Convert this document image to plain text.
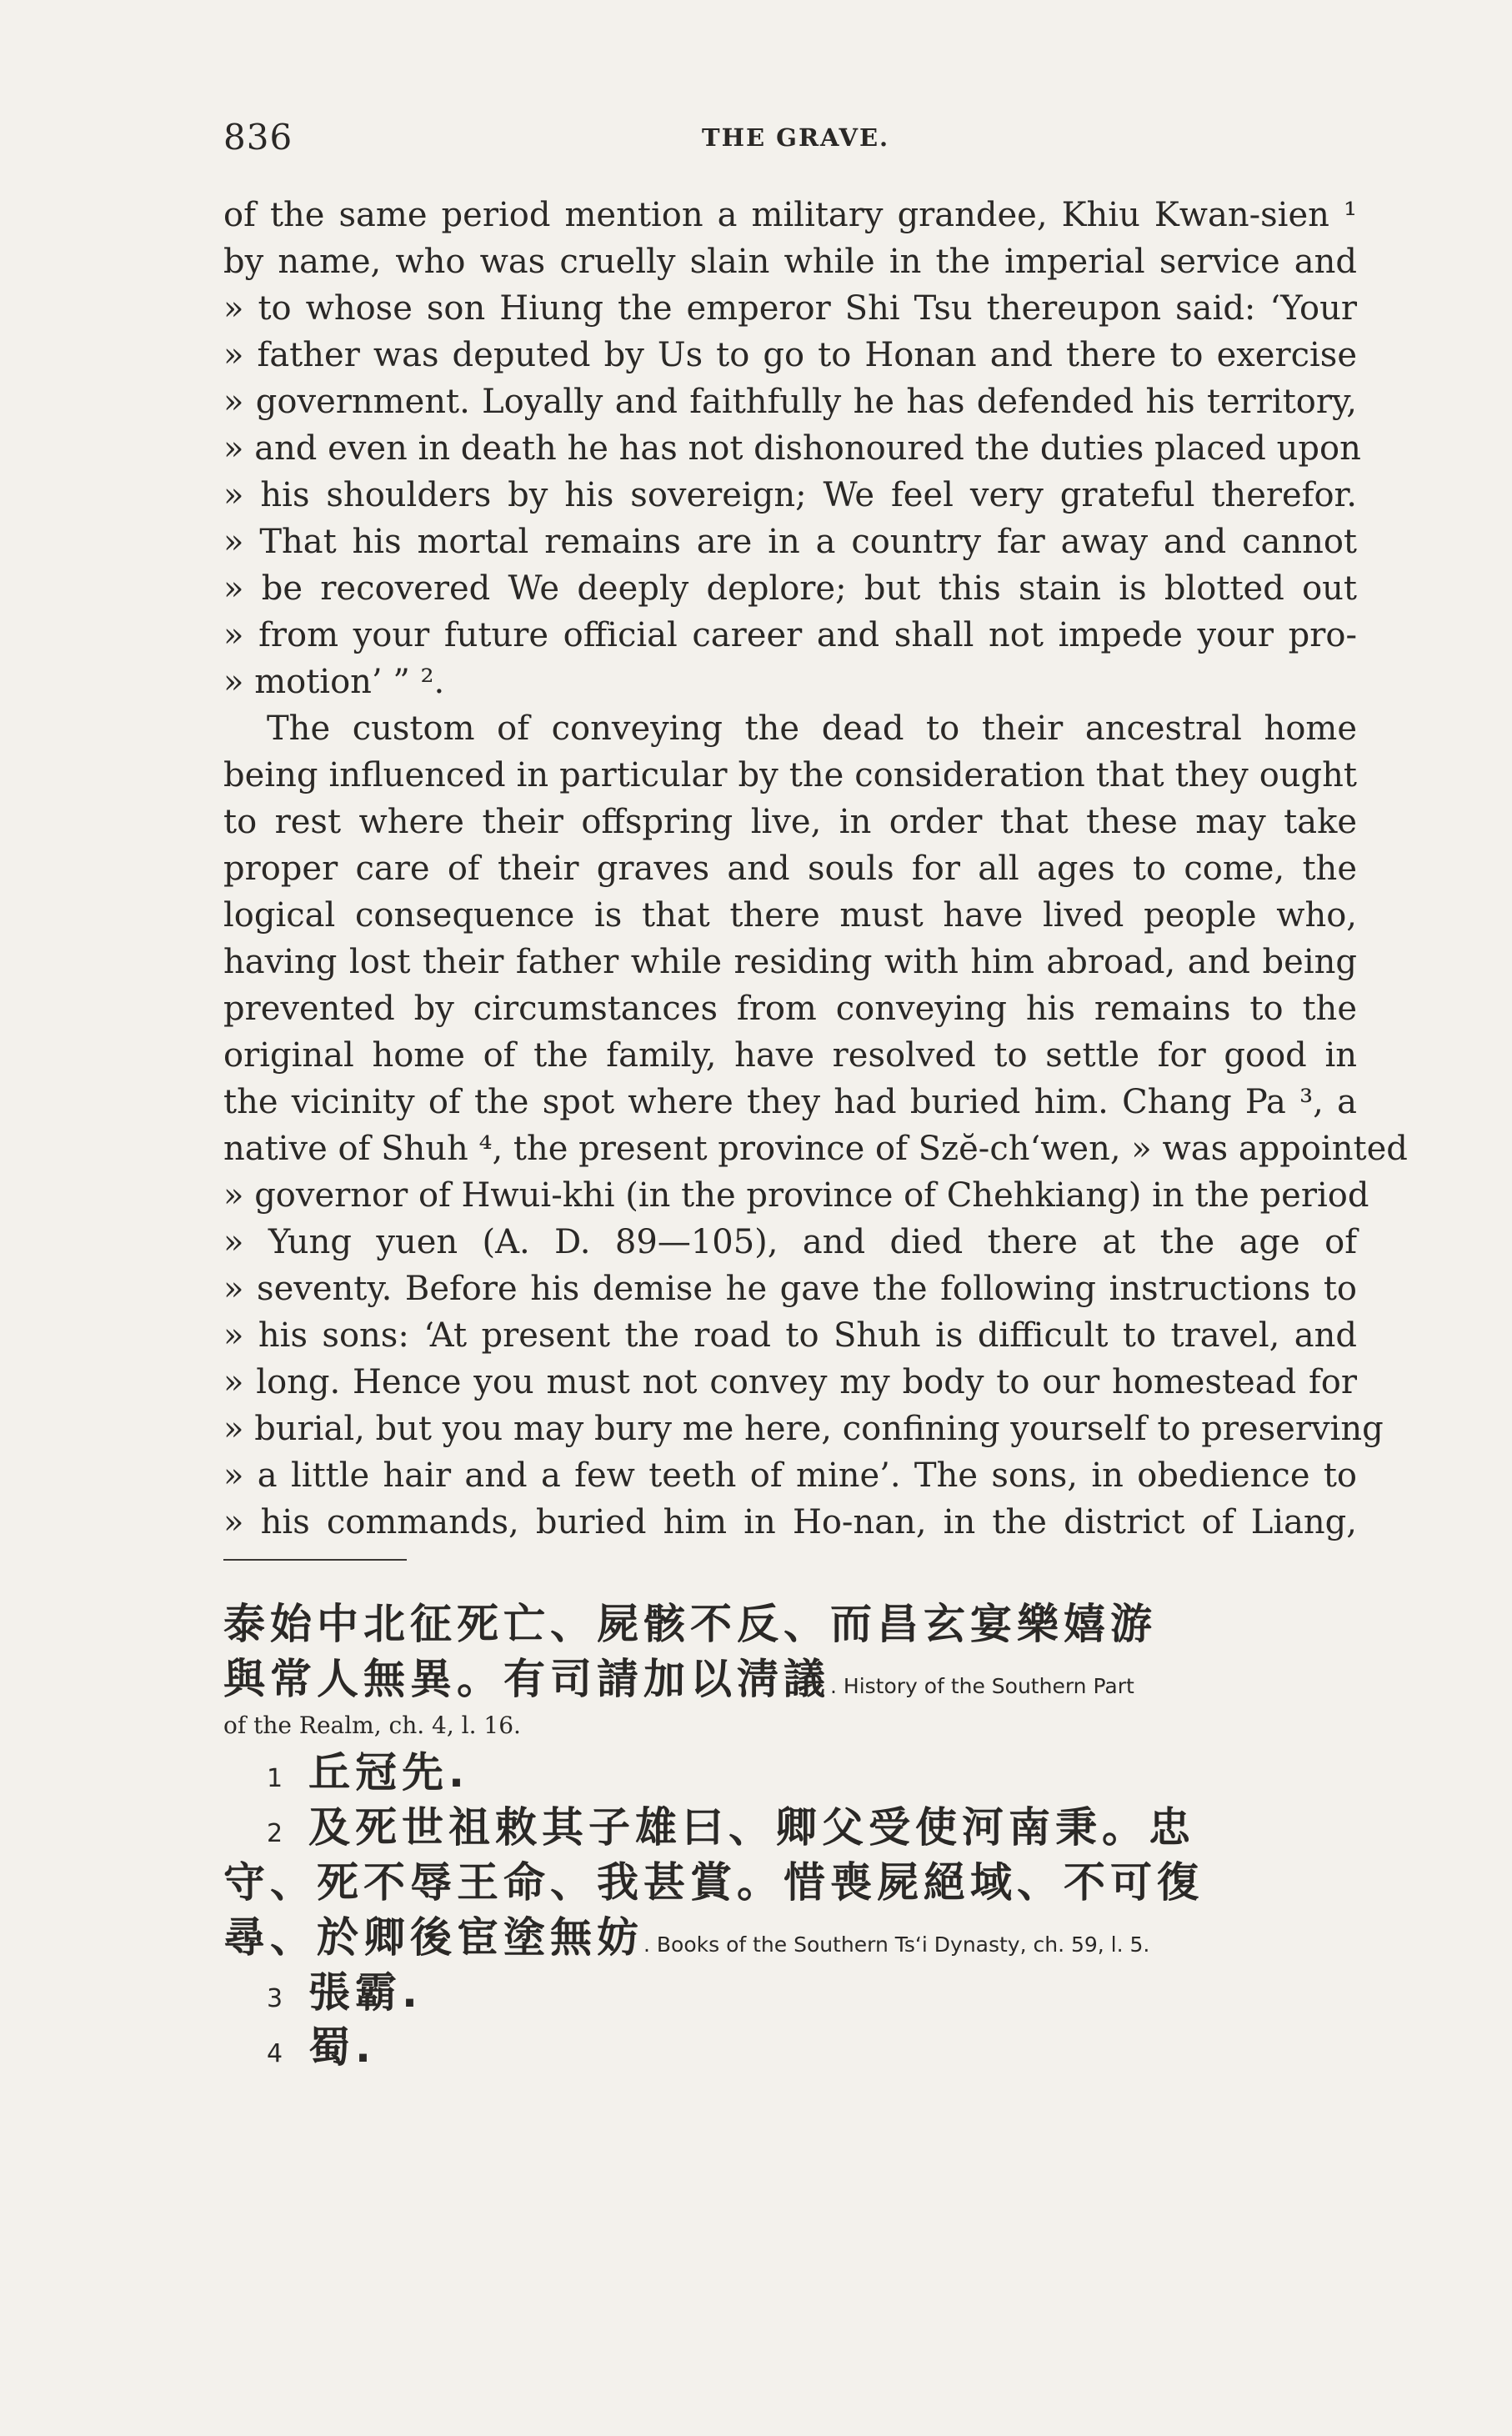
836	THE GRAVE.
of the same period mention a military grandee, Khiu Kwan-sien ¹
by name, who was cruelly slain while in the imperial service and
» to whose son Hiung the emperor Shi Tsu thereupon said: ‘Your
» father was deputed by Us to go to Honan and there to exercise
» government. Loyally and faithfully he has defended his territory,
» and even in death he has not dishonoured the duties placed upon
» his shoulders by his sovereign; We feel very grateful therefor.
» That his mortal remains are in a country far away and cannot
» be recovered We deeply deplore; but this stain is blotted out
» from your future official career and shall not impede your pro-
» motion’ ” ².
The custom of conveying the dead to their ancestral home
being influenced in particular by the consideration that they ought
to rest where their offspring live, in order that these may take
proper care of their graves and souls for all ages to come, the
logical consequence is that there must have lived people who,
having lost their father while residing with him abroad, and being
prevented by circumstances from conveying his remains to the
original home of the family, have resolved to settle for good in
the vicinity of the spot where they had buried him. Chang Pa ³, a
native of Shuh ⁴, the present province of Szĕ-chʻwen, » was appointed
» governor of Hwui-khi (in the province of Chehkiang) in the period
» Yung yuen (A. D. 89—105), and died there at the age of
» seventy. Before his demise he gave the following instructions to
» his sons: ‘At present the road to Shuh is difficult to travel, and
» long. Hence you must not convey my body to our homestead for
» burial, but you may bury me here, confining yourself to preserving
» a little hair and a few teeth of mine’. The sons, in obedience to
» his commands, buried him in Ho-nan, in the district of Liang,
泰始中北征死亡、屍骸不反、而昌玄宴樂嬉游
與常人無異。有司請加以淸議. History of the Southern Part
of the Realm, ch. 4, l. 16.
1 丘冠先.
2 及死世祖敕其子雄曰、卿父受使河南秉。忠
守、死不辱王命、我甚賞。惜喪屍絕域、不可復
尋、於卿後宦塗無妨. Books of the Southern Tsʻi Dynasty, ch. 59, l. 5.
3 張霸.
4 蜀.
